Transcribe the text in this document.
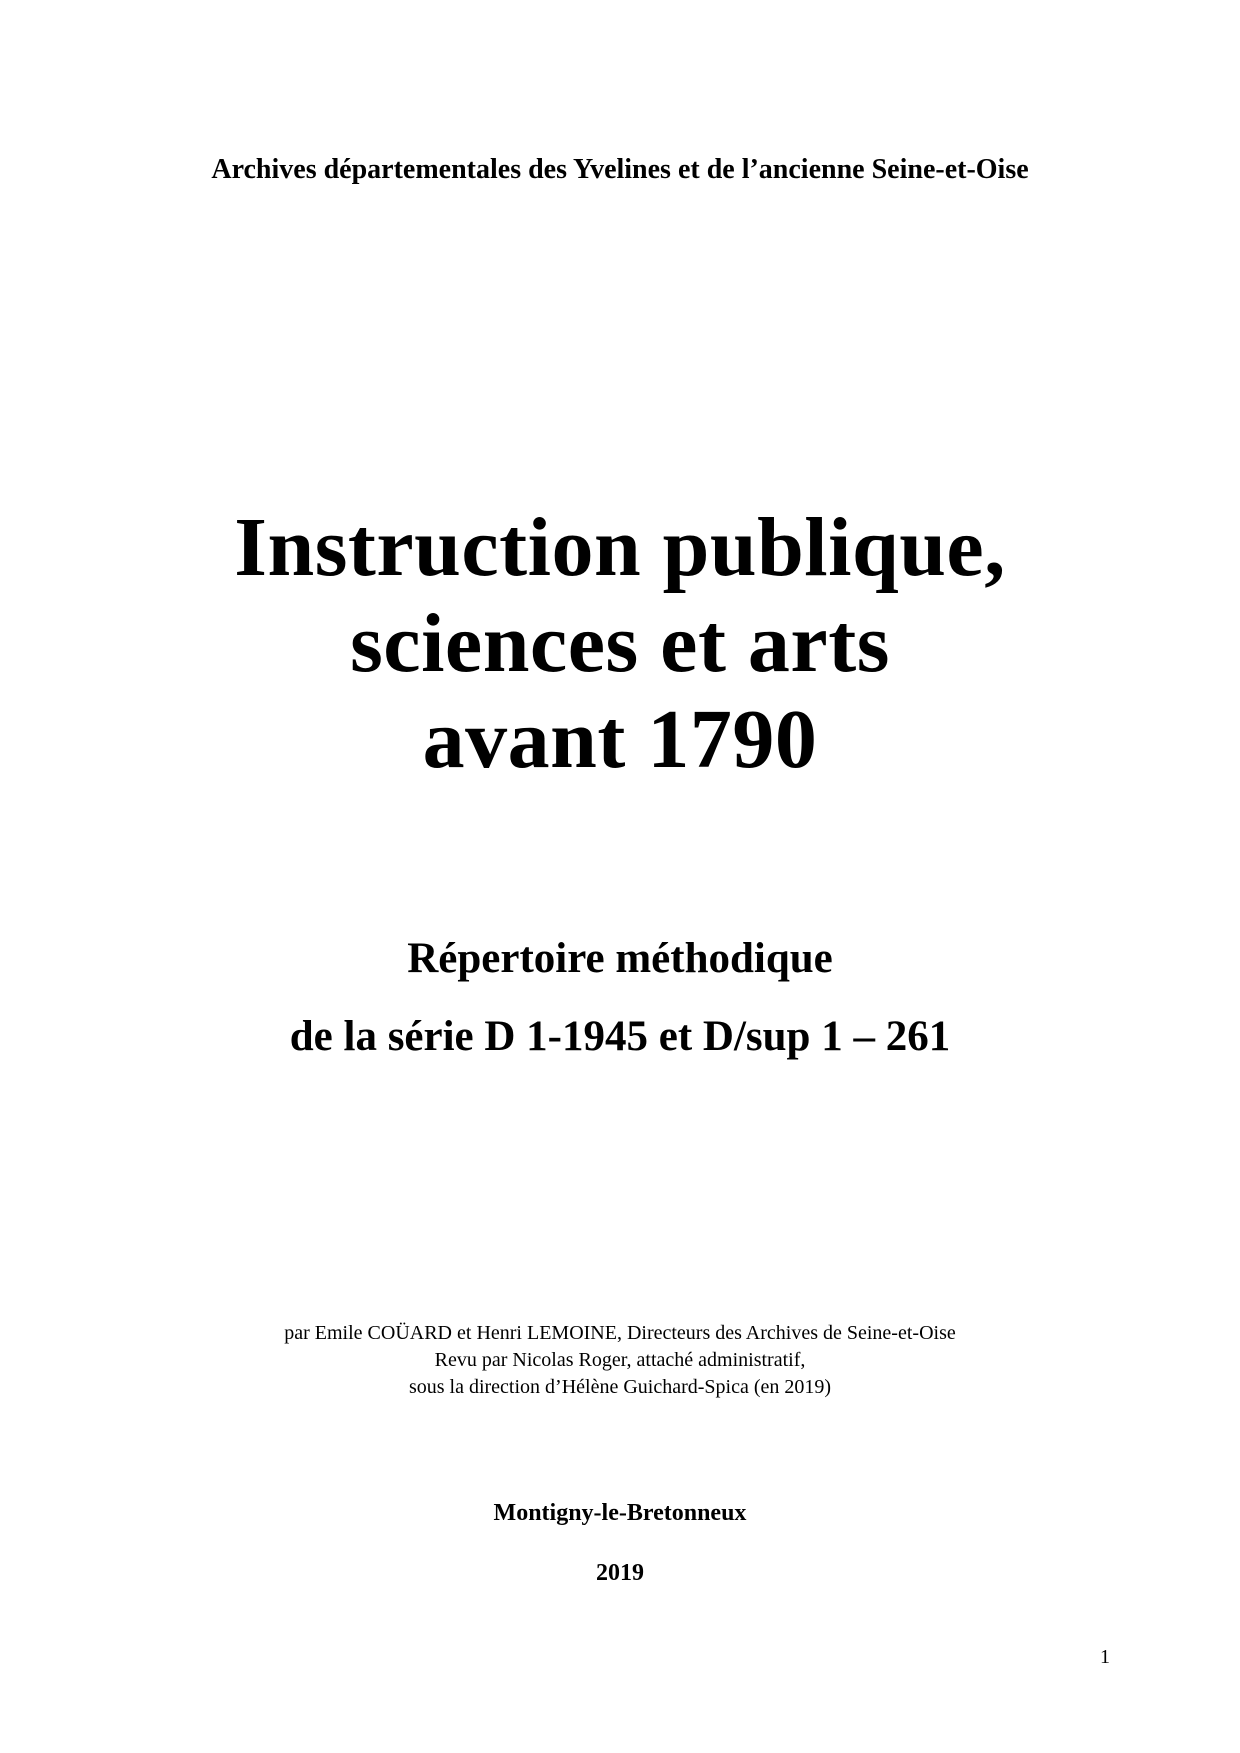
Archives départementales des Yvelines et de l’ancienne Seine-et-Oise
Instruction publique,
sciences et arts
avant 1790
Répertoire méthodique
de la série D 1-1945 et D/sup 1 – 261
par Emile COÜARD et Henri LEMOINE, Directeurs des Archives de Seine-et-Oise
Revu par Nicolas Roger, attaché administratif,
sous la direction d’Hélène Guichard-Spica (en 2019)
Montigny-le-Bretonneux
2019
1
